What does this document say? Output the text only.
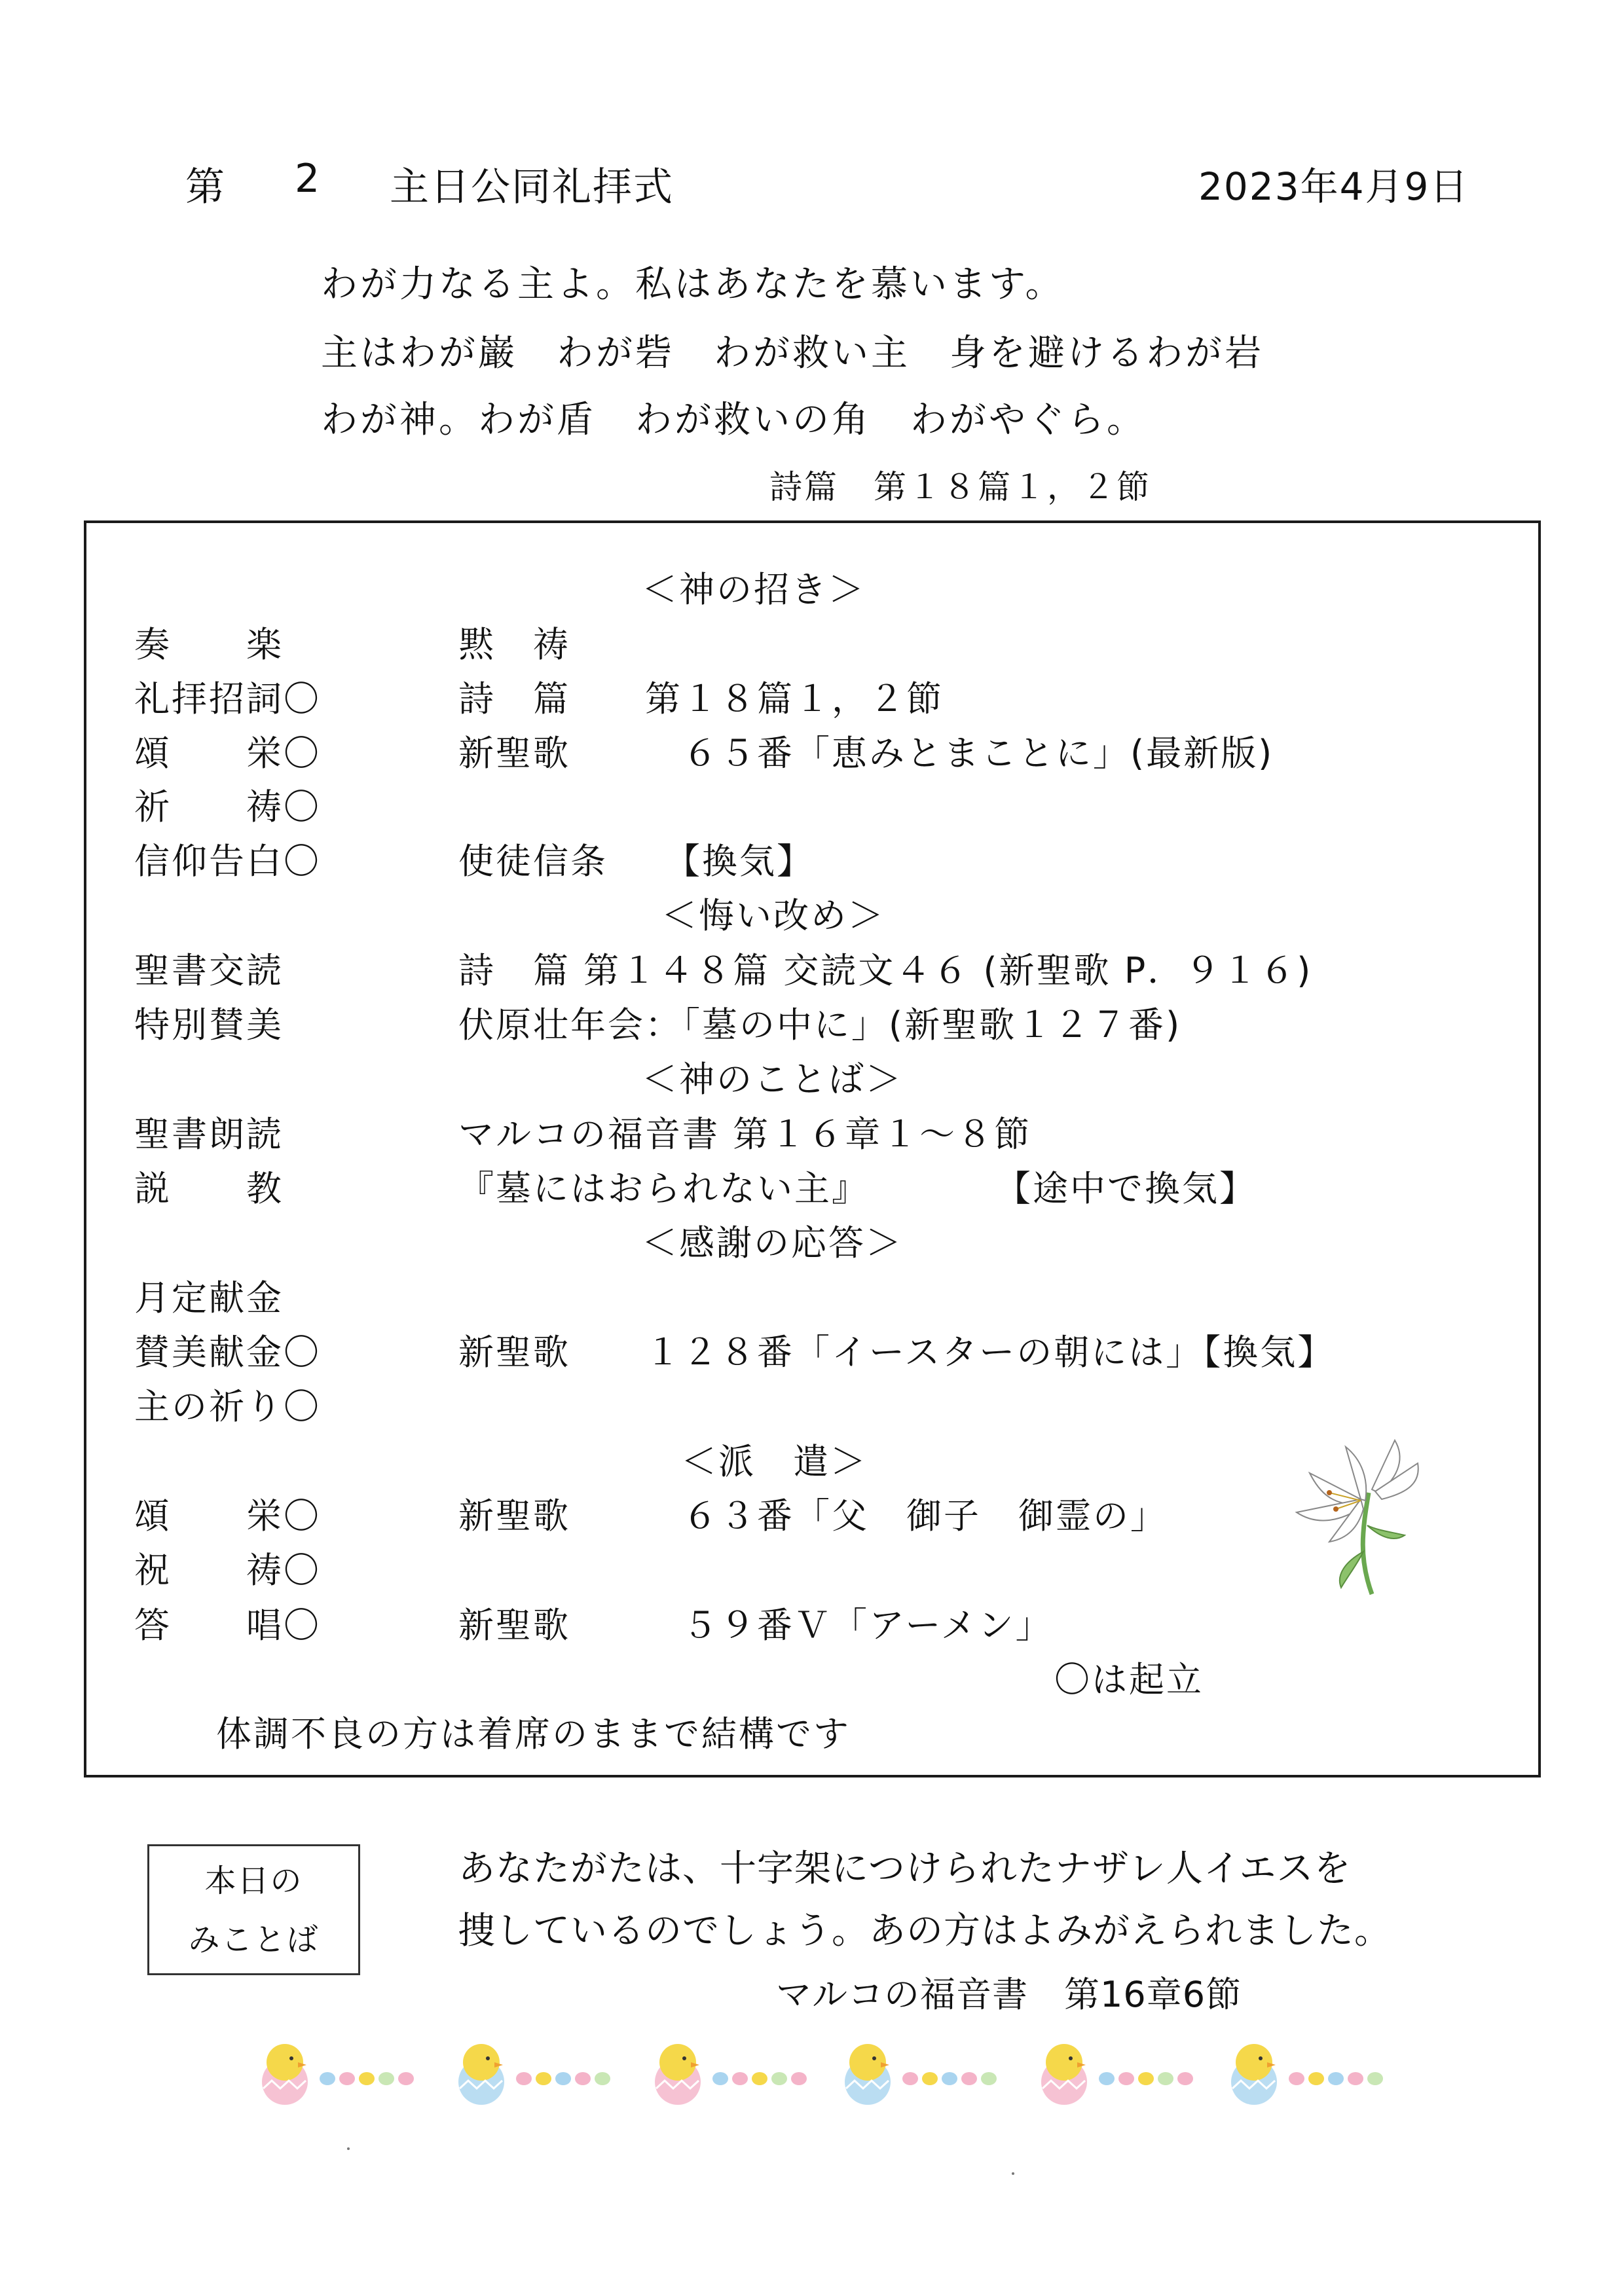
第 2 主日公同礼拝式	2023年4月9日
わが力なる主よ。私はあなたを慕います。
主はわが巌　わが砦　わが救い主　身を避けるわが岩
わが神。わが盾　わが救いの角　わがやぐら。
詩篇　第１８篇１，２節
＜神の招き＞
奏　　楽	黙　祷
礼拝招詞〇	詩　篇　　第１８篇１，２節
頌　　栄〇	新聖歌　　　６５番「恵みとまことに」(最新版)
祈　　祷〇
信仰告白〇	使徒信条　　【換気】
＜悔い改め＞
聖書交読	詩　篇 第１４８篇 交読文４６ (新聖歌 P．９１６)
特別賛美	伏原壮年会：「墓の中に」(新聖歌１２７番)
＜神のことば＞
聖書朗読	マルコの福音書 第１６章１～８節
説　　教	『墓にはおられない主』	【途中で換気】
＜感謝の応答＞
月定献金
賛美献金〇	新聖歌　　１２８番「イースターの朝には」【換気】
主の祈り〇
＜派　遣＞
頌　　栄〇	新聖歌　　　６３番「父　御子　御霊の」
祝　　祷〇
答　　唱〇	新聖歌　　　５９番Ｖ「アーメン」
〇は起立
体調不良の方は着席のままで結構です
本日の
みことば
あなたがたは、十字架につけられたナザレ人イエスを
捜しているのでしょう。あの方はよみがえられました。
マルコの福音書　第16章6節
